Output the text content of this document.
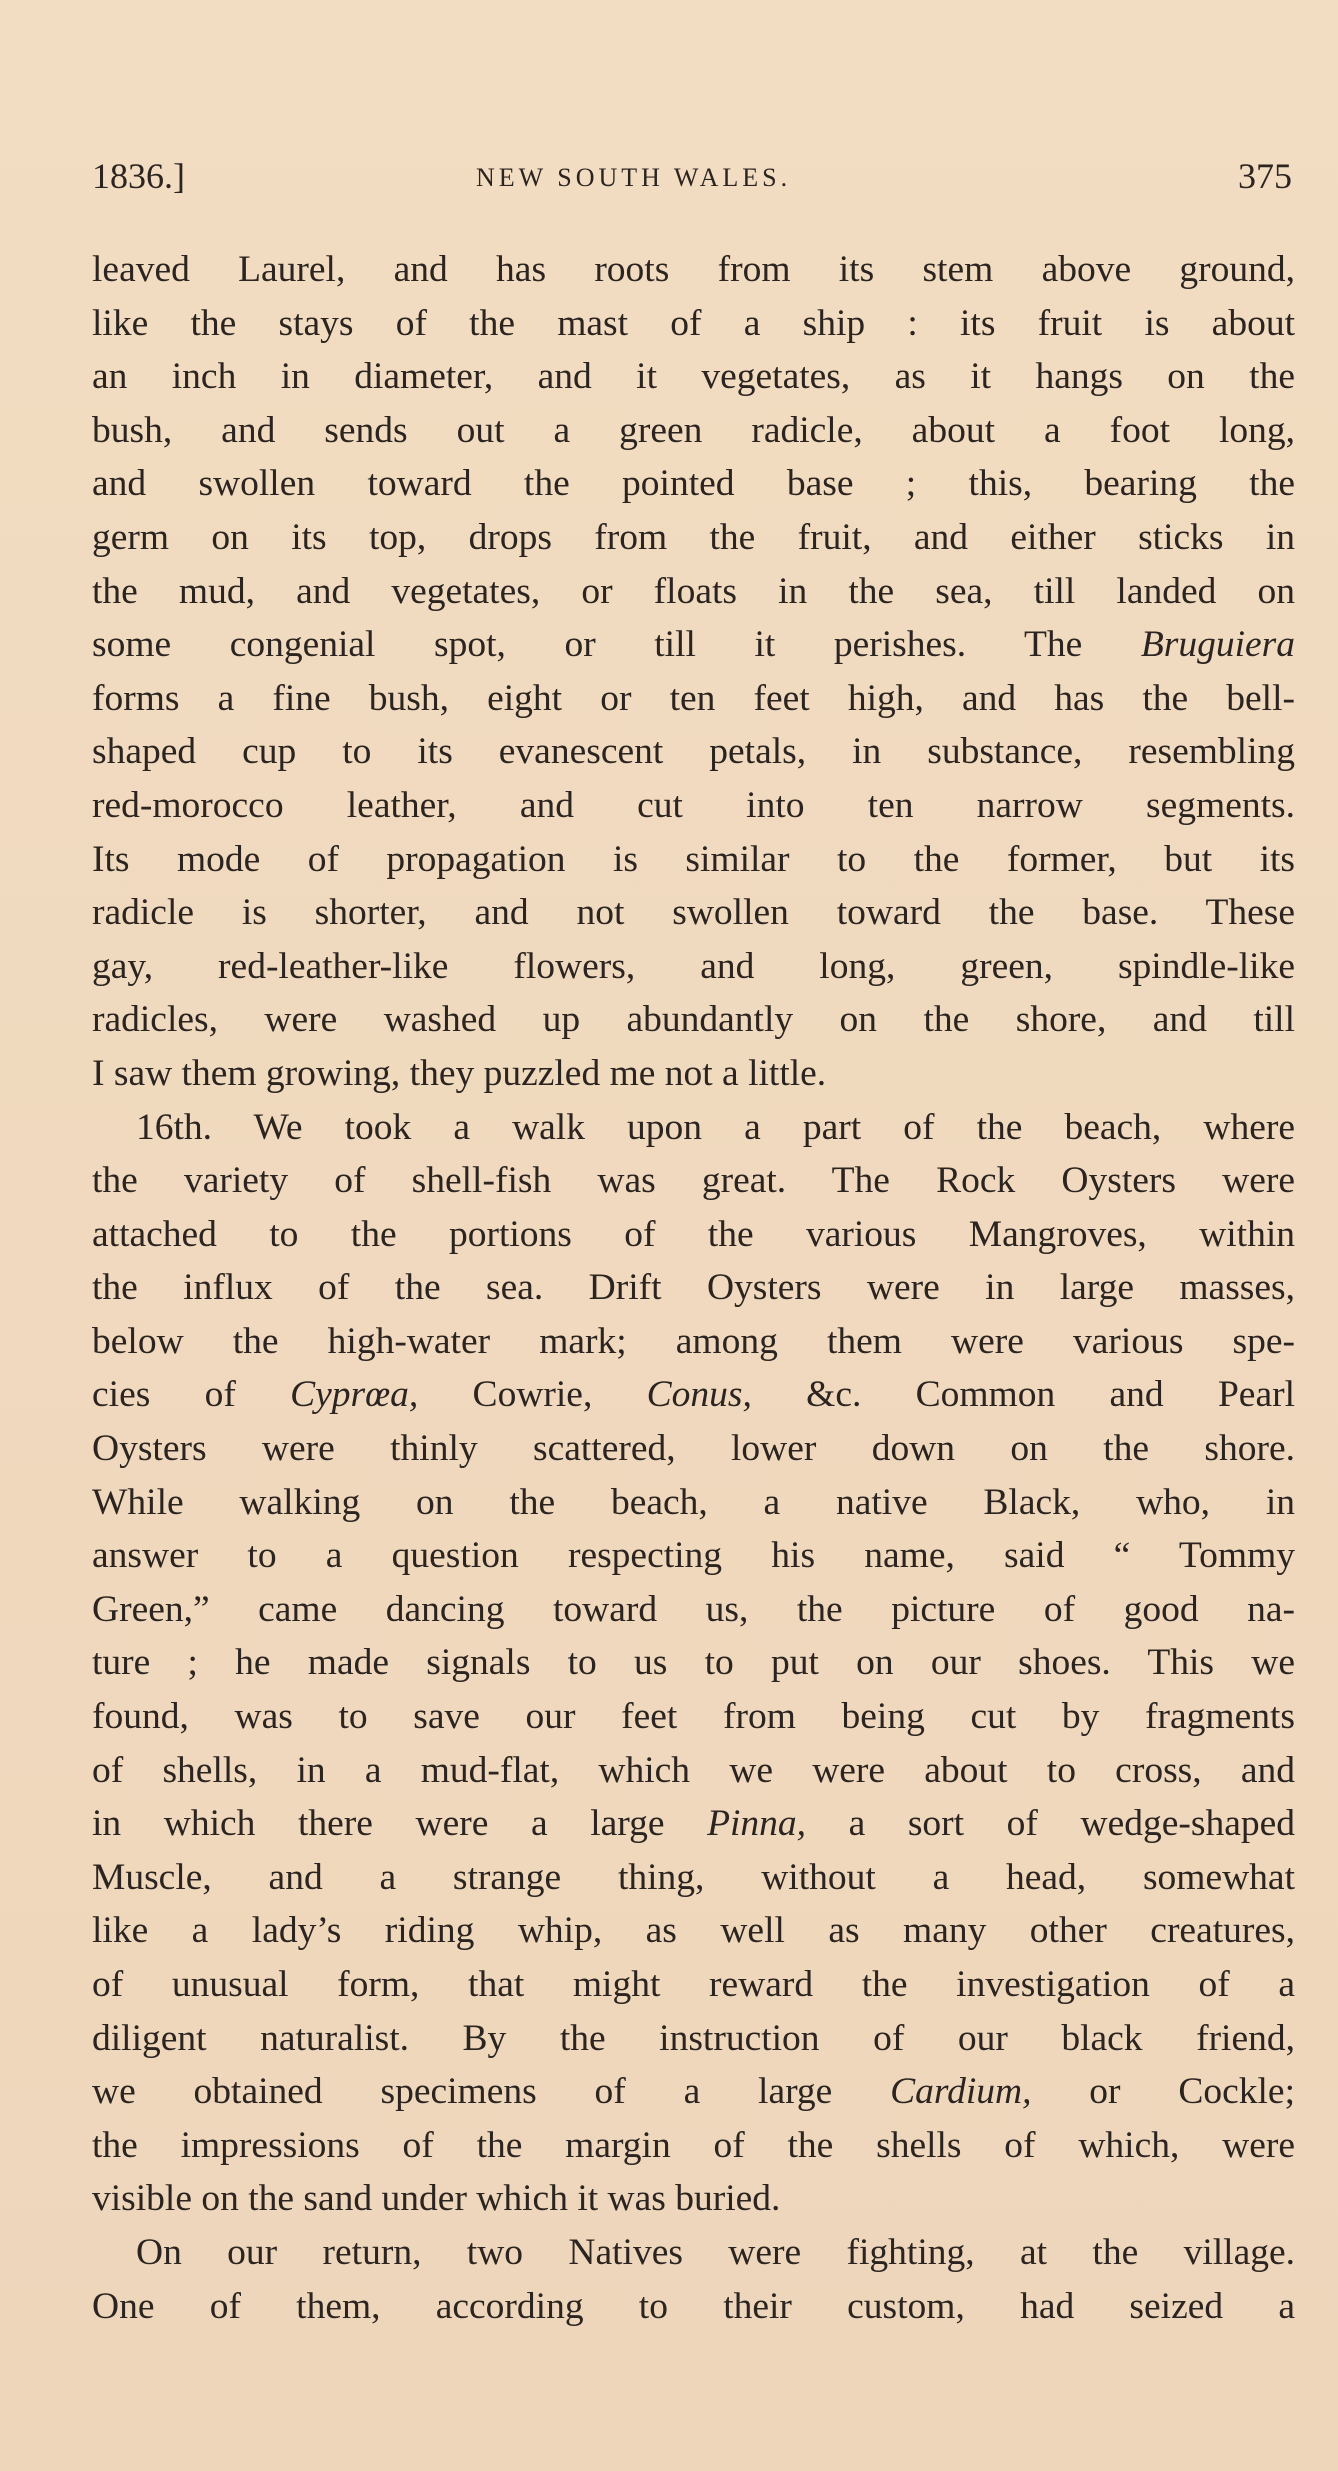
1836.]	NEW SOUTH WALES.	375
leaved Laurel, and has roots from its stem above ground,
like the stays of the mast of a ship : its fruit is about
an inch in diameter, and it vegetates, as it hangs on the
bush, and sends out a green radicle, about a foot long,
and swollen toward the pointed base ; this, bearing the
germ on its top, drops from the fruit, and either sticks in
the mud, and vegetates, or floats in the sea, till landed on
some congenial spot, or till it perishes. The Bruguiera
forms a fine bush, eight or ten feet high, and has the bell-
shaped cup to its evanescent petals, in substance, resembling
red-morocco leather, and cut into ten narrow segments.
Its mode of propagation is similar to the former, but its
radicle is shorter, and not swollen toward the base. These
gay, red-leather-like flowers, and long, green, spindle-like
radicles, were washed up abundantly on the shore, and till
I saw them growing, they puzzled me not a little.
16th. We took a walk upon a part of the beach, where
the variety of shell-fish was great. The Rock Oysters were
attached to the portions of the various Mangroves, within
the influx of the sea. Drift Oysters were in large masses,
below the high-water mark; among them were various spe-
cies of Cyprœa, Cowrie, Conus, &c. Common and Pearl
Oysters were thinly scattered, lower down on the shore.
While walking on the beach, a native Black, who, in
answer to a question respecting his name, said “ Tommy
Green,” came dancing toward us, the picture of good na-
ture ; he made signals to us to put on our shoes. This we
found, was to save our feet from being cut by fragments
of shells, in a mud-flat, which we were about to cross, and
in which there were a large Pinna, a sort of wedge-shaped
Muscle, and a strange thing, without a head, somewhat
like a lady’s riding whip, as well as many other creatures,
of unusual form, that might reward the investigation of a
diligent naturalist. By the instruction of our black friend,
we obtained specimens of a large Cardium, or Cockle;
the impressions of the margin of the shells of which, were
visible on the sand under which it was buried.
On our return, two Natives were fighting, at the village.
One of them, according to their custom, had seized a
